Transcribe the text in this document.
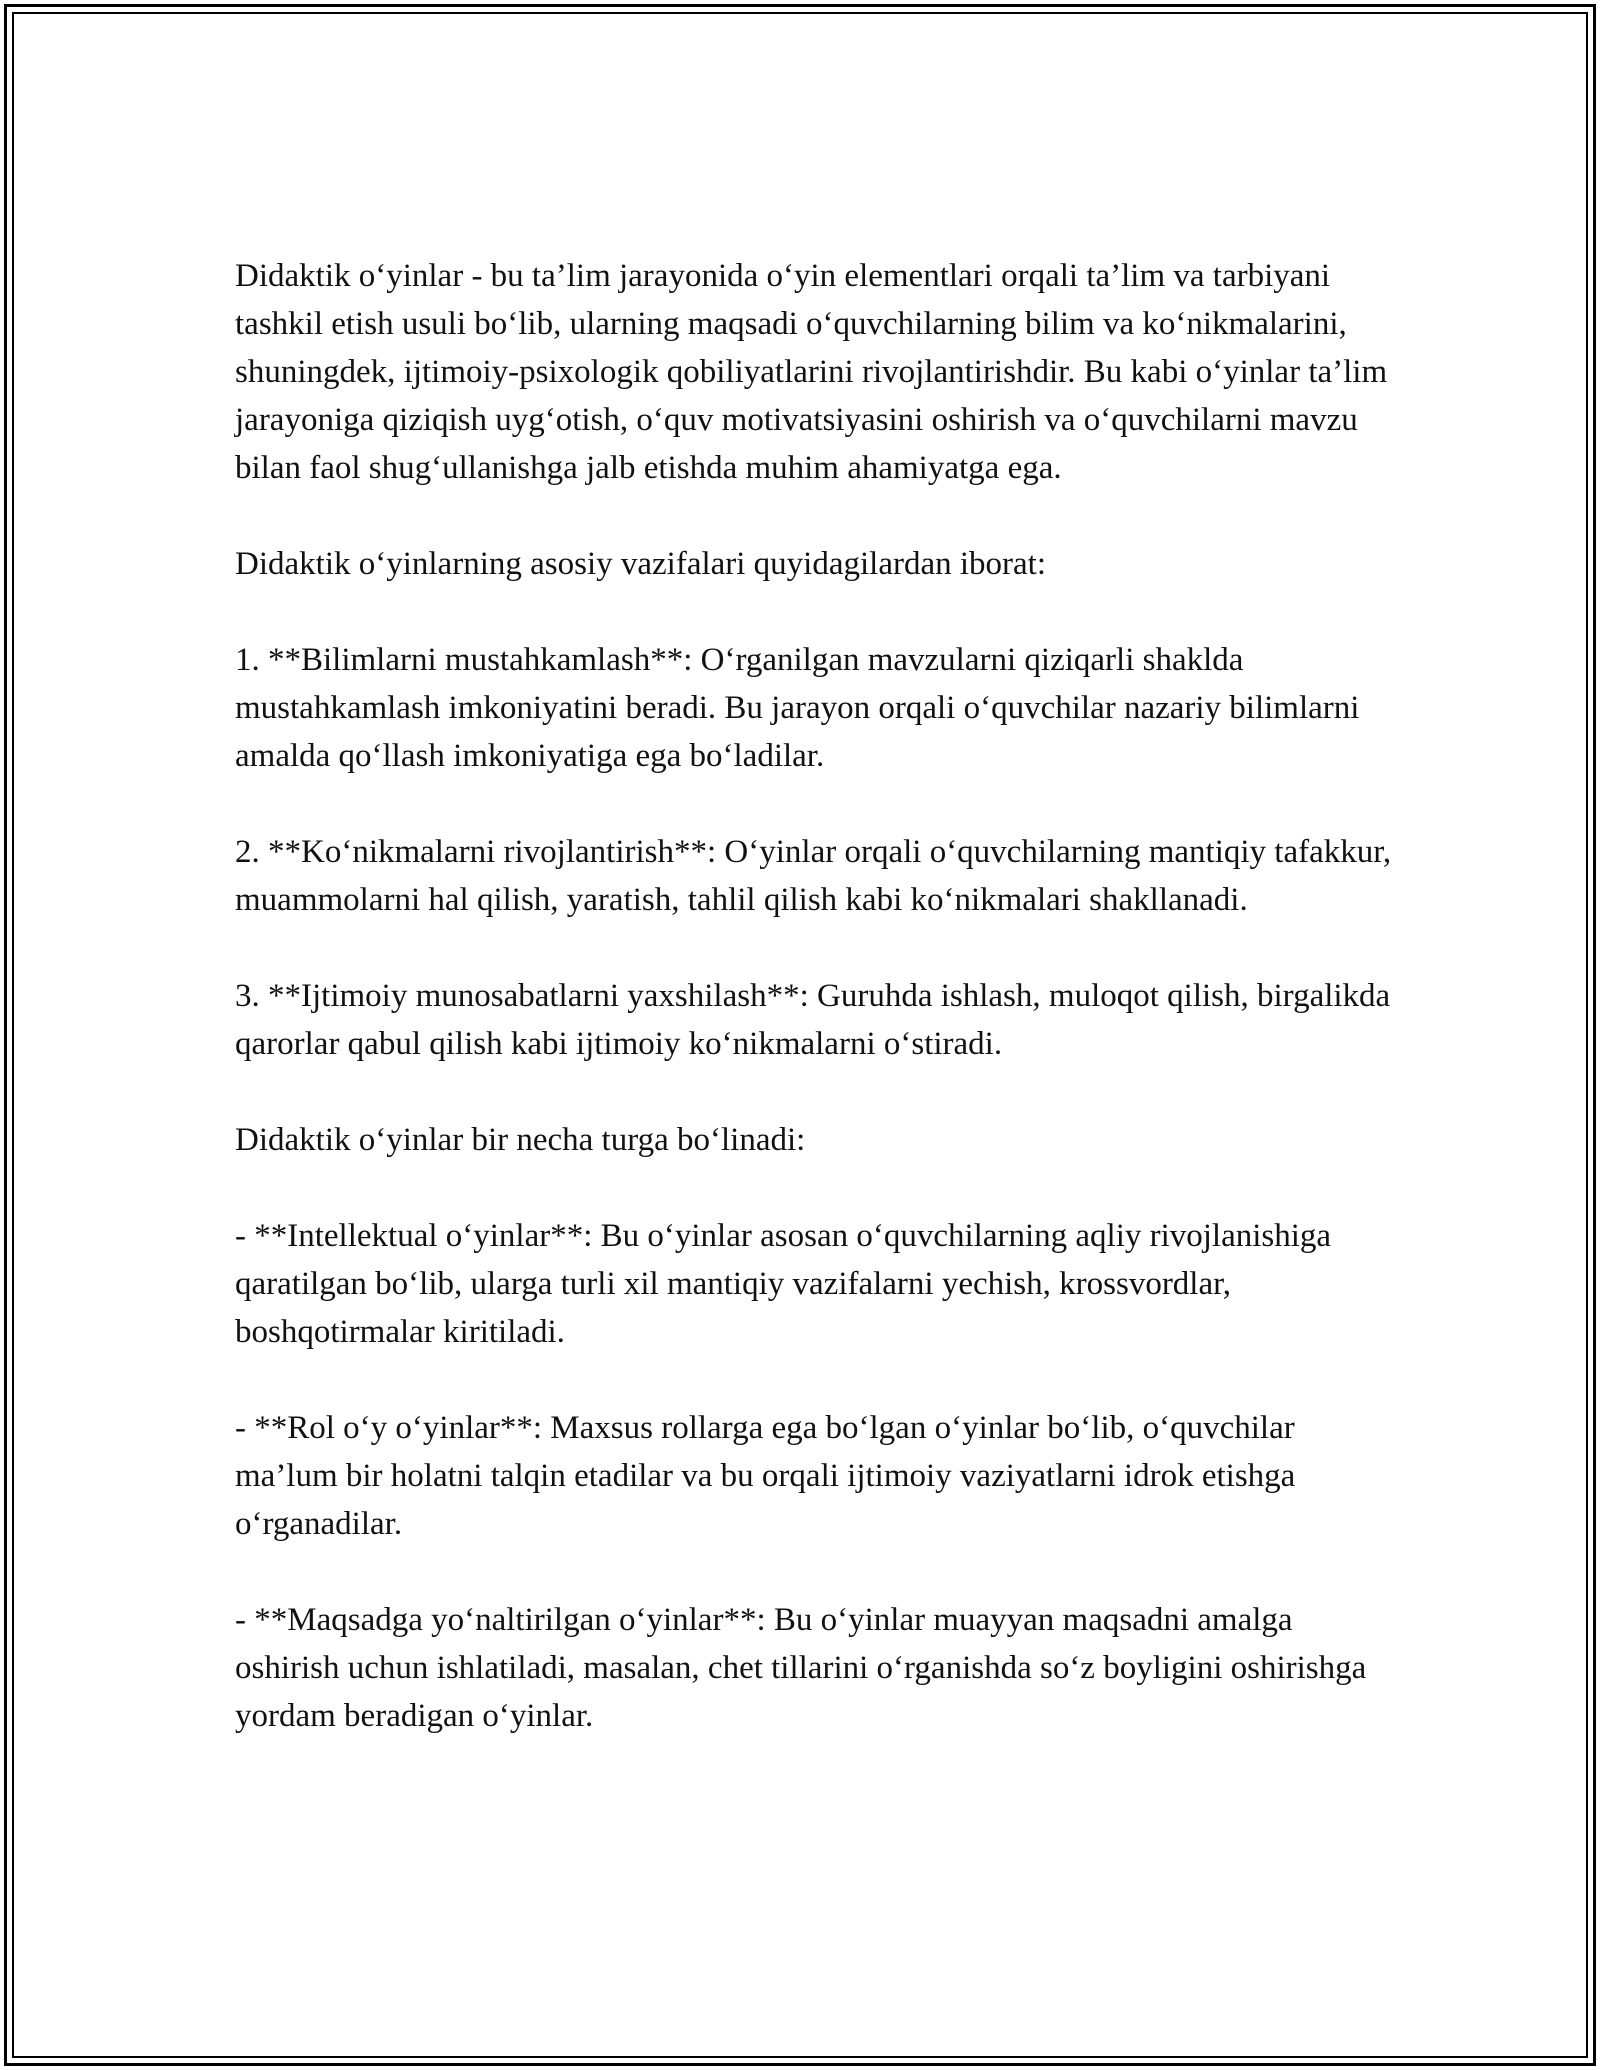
Didaktik o‘yinlar - bu ta’lim jarayonida o‘yin elementlari orqali ta’lim va tarbiyani tashkil etish usuli bo‘lib, ularning maqsadi o‘quvchilarning bilim va ko‘nikmalarini, shuningdek, ijtimoiy-psixologik qobiliyatlarini rivojlantirishdir. Bu kabi o‘yinlar ta’lim jarayoniga qiziqish uyg‘otish, o‘quv motivatsiyasini oshirish va o‘quvchilarni mavzu bilan faol shug‘ullanishga jalb etishda muhim ahamiyatga ega.

Didaktik o‘yinlarning asosiy vazifalari quyidagilardan iborat:

1. **Bilimlarni mustahkamlash**: O‘rganilgan mavzularni qiziqarli shaklda mustahkamlash imkoniyatini beradi. Bu jarayon orqali o‘quvchilar nazariy bilimlarni amalda qo‘llash imkoniyatiga ega bo‘ladilar.

2. **Ko‘nikmalarni rivojlantirish**: O‘yinlar orqali o‘quvchilarning mantiqiy tafakkur, muammolarni hal qilish, yaratish, tahlil qilish kabi ko‘nikmalari shakllanadi.

3. **Ijtimoiy munosabatlarni yaxshilash**: Guruhda ishlash, muloqot qilish, birgalikda qarorlar qabul qilish kabi ijtimoiy ko‘nikmalarni o‘stiradi.

Didaktik o‘yinlar bir necha turga bo‘linadi:

- **Intellektual o‘yinlar**: Bu o‘yinlar asosan o‘quvchilarning aqliy rivojlanishiga qaratilgan bo‘lib, ularga turli xil mantiqiy vazifalarni yechish, krossvordlar, boshqotirmalar kiritiladi.

- **Rol o‘y o‘yinlar**: Maxsus rollarga ega bo‘lgan o‘yinlar bo‘lib, o‘quvchilar ma’lum bir holatni talqin etadilar va bu orqali ijtimoiy vaziyatlarni idrok etishga o‘rganadilar.

- **Maqsadga yo‘naltirilgan o‘yinlar**: Bu o‘yinlar muayyan maqsadni amalga oshirish uchun ishlatiladi, masalan, chet tillarini o‘rganishda so‘z boyligini oshirishga yordam beradigan o‘yinlar.
